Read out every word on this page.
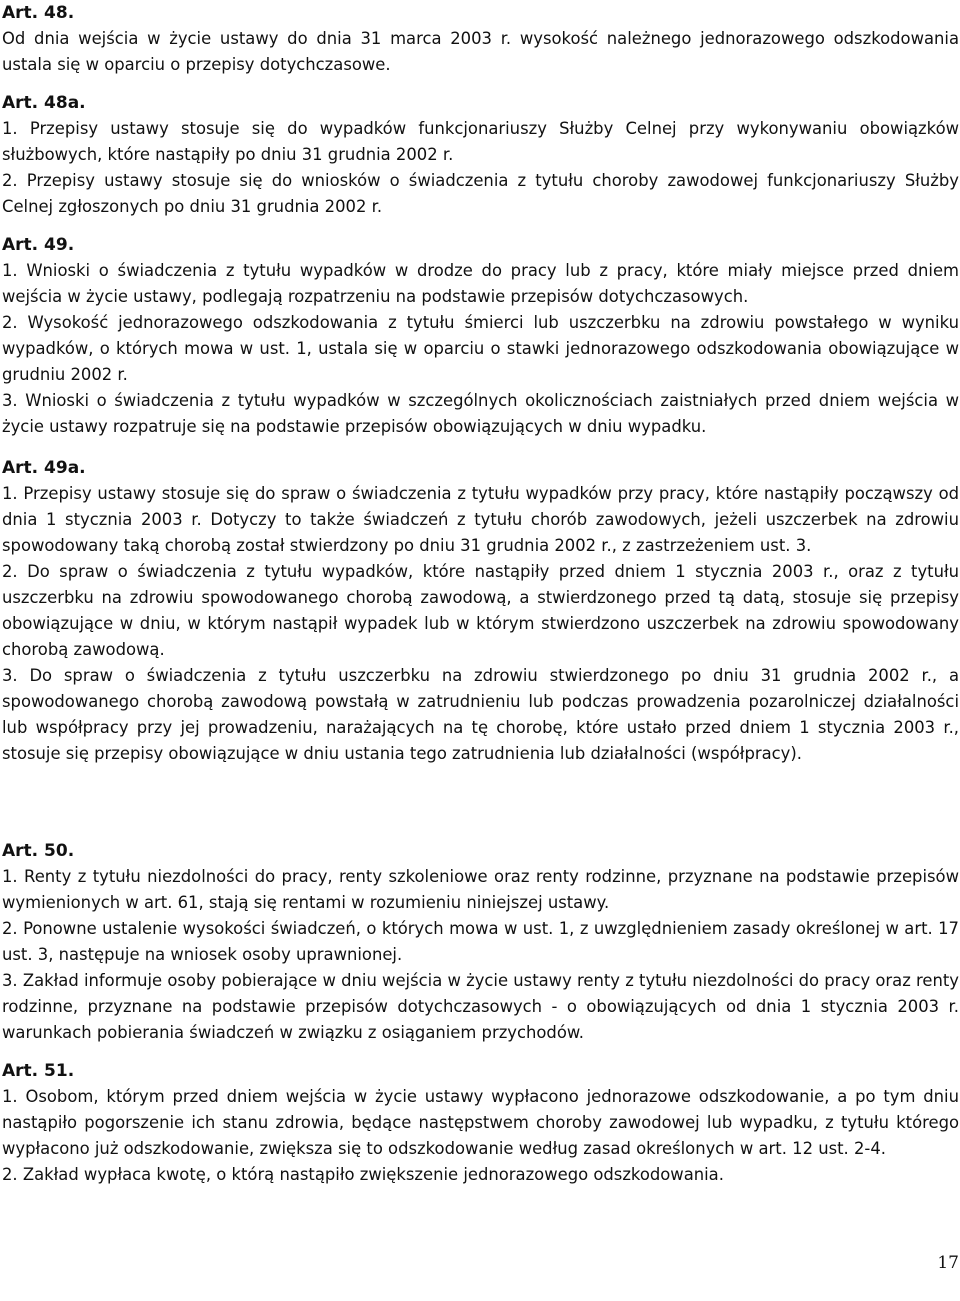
Art. 48.

Od dnia wejścia w życie ustawy do dnia 31 marca 2003 r. wysokość należnego jednorazowego odszkodowania ustala się w oparciu o przepisy dotychczasowe.

Art. 48a.

1. Przepisy ustawy stosuje się do wypadków funkcjonariuszy Służby Celnej przy wykonywaniu obowiązków służbowych, które nastąpiły po dniu 31 grudnia 2002 r.

2. Przepisy ustawy stosuje się do wniosków o świadczenia z tytułu choroby zawodowej funkcjonariuszy Służby Celnej zgłoszonych po dniu 31 grudnia 2002 r.

Art. 49.

1. Wnioski o świadczenia z tytułu wypadków w drodze do pracy lub z pracy, które miały miejsce przed dniem wejścia w życie ustawy, podlegają rozpatrzeniu na podstawie przepisów dotychczasowych.

2. Wysokość jednorazowego odszkodowania z tytułu śmierci lub uszczerbku na zdrowiu powstałego w wyniku wypadków, o których mowa w ust. 1, ustala się w oparciu o stawki jednorazowego odszkodowania obowiązujące w grudniu 2002 r.

3. Wnioski o świadczenia z tytułu wypadków w szczególnych okolicznościach zaistniałych przed dniem wejścia w życie ustawy rozpatruje się na podstawie przepisów obowiązujących w dniu wypadku.

Art. 49a.

1. Przepisy ustawy stosuje się do spraw o świadczenia z tytułu wypadków przy pracy, które nastąpiły począwszy od dnia 1 stycznia 2003 r. Dotyczy to także świadczeń z tytułu chorób zawodowych, jeżeli uszczerbek na zdrowiu spowodowany taką chorobą został stwierdzony po dniu 31 grudnia 2002 r., z zastrzeżeniem ust. 3.

2. Do spraw o świadczenia z tytułu wypadków, które nastąpiły przed dniem 1 stycznia 2003 r., oraz z tytułu uszczerbku na zdrowiu spowodowanego chorobą zawodową, a stwierdzonego przed tą datą, stosuje się przepisy obowiązujące w dniu, w którym nastąpił wypadek lub w którym stwierdzono uszczerbek na zdrowiu spowodowany chorobą zawodową.

3. Do spraw o świadczenia z tytułu uszczerbku na zdrowiu stwierdzonego po dniu 31 grudnia 2002 r., a spowodowanego chorobą zawodową powstałą w zatrudnieniu lub podczas prowadzenia pozarolniczej działalności lub współpracy przy jej prowadzeniu, narażających na tę chorobę, które ustało przed dniem 1 stycznia 2003 r., stosuje się przepisy obowiązujące w dniu ustania tego zatrudnienia lub działalności (współpracy).

Art. 50.

1. Renty z tytułu niezdolności do pracy, renty szkoleniowe oraz renty rodzinne, przyznane na podstawie przepisów wymienionych w art. 61, stają się rentami w rozumieniu niniejszej ustawy.

2. Ponowne ustalenie wysokości świadczeń, o których mowa w ust. 1, z uwzględnieniem zasady określonej w art. 17 ust. 3, następuje na wniosek osoby uprawnionej.

3. Zakład informuje osoby pobierające w dniu wejścia w życie ustawy renty z tytułu niezdolności do pracy oraz renty rodzinne, przyznane na podstawie przepisów dotychczasowych - o obowiązujących od dnia 1 stycznia 2003 r. warunkach pobierania świadczeń w związku z osiąganiem przychodów.

Art. 51.

1. Osobom, którym przed dniem wejścia w życie ustawy wypłacono jednorazowe odszkodowanie, a po tym dniu nastąpiło pogorszenie ich stanu zdrowia, będące następstwem choroby zawodowej lub wypadku, z tytułu którego wypłacono już odszkodowanie, zwiększa się to odszkodowanie według zasad określonych w art. 12 ust. 2-4.

2. Zakład wypłaca kwotę, o którą nastąpiło zwiększenie jednorazowego odszkodowania.

17
